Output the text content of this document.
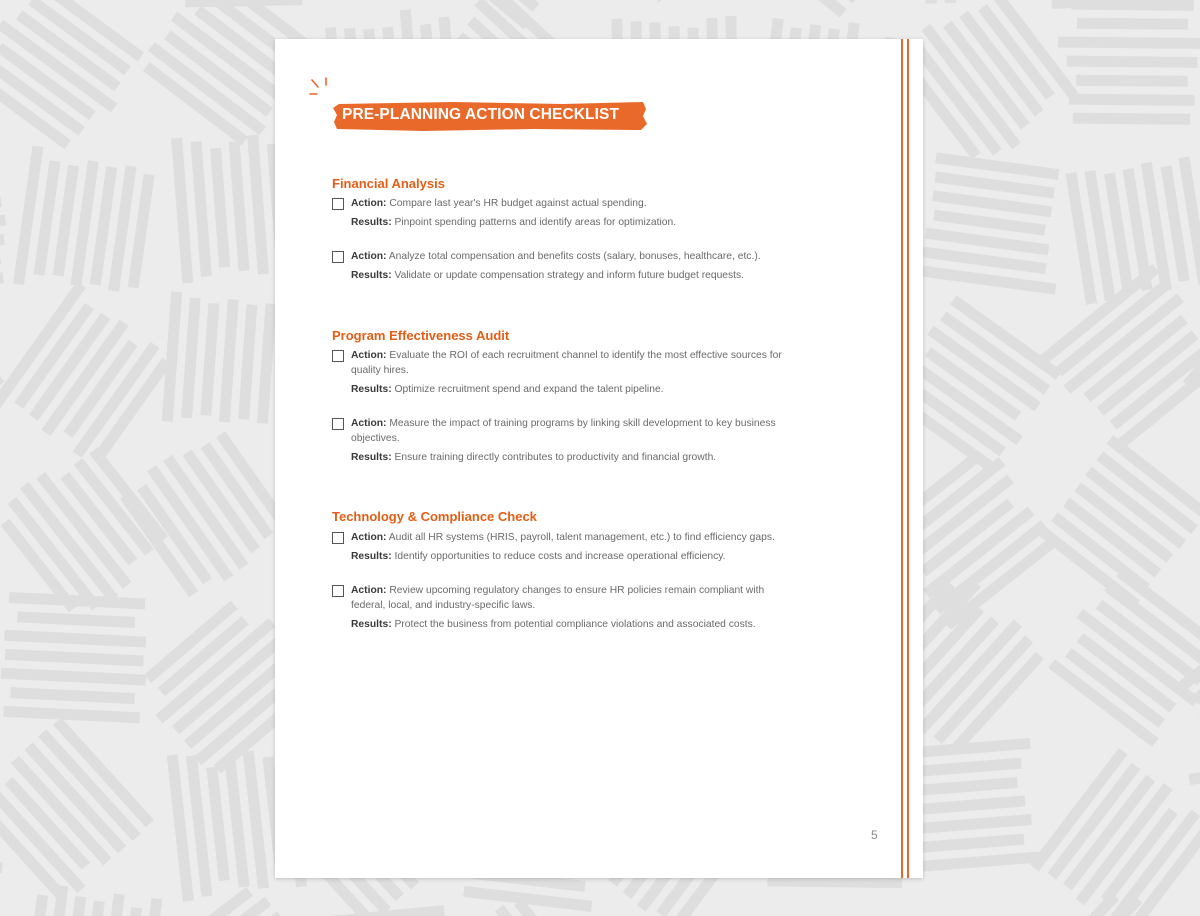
PRE-PLANNING ACTION CHECKLIST
Financial Analysis
Action: Compare last year's HR budget against actual spending.
Results: Pinpoint spending patterns and identify areas for optimization.
Action: Analyze total compensation and benefits costs (salary, bonuses, healthcare, etc.).
Results: Validate or update compensation strategy and inform future budget requests.
Program Effectiveness Audit
Action: Evaluate the ROI of each recruitment channel to identify the most effective sources for quality hires.
Results: Optimize recruitment spend and expand the talent pipeline.
Action: Measure the impact of training programs by linking skill development to key business objectives.
Results: Ensure training directly contributes to productivity and financial growth.
Technology & Compliance Check
Action: Audit all HR systems (HRIS, payroll, talent management, etc.) to find efficiency gaps.
Results: Identify opportunities to reduce costs and increase operational efficiency.
Action: Review upcoming regulatory changes to ensure HR policies remain compliant with federal, local, and industry-specific laws.
Results: Protect the business from potential compliance violations and associated costs.
5
